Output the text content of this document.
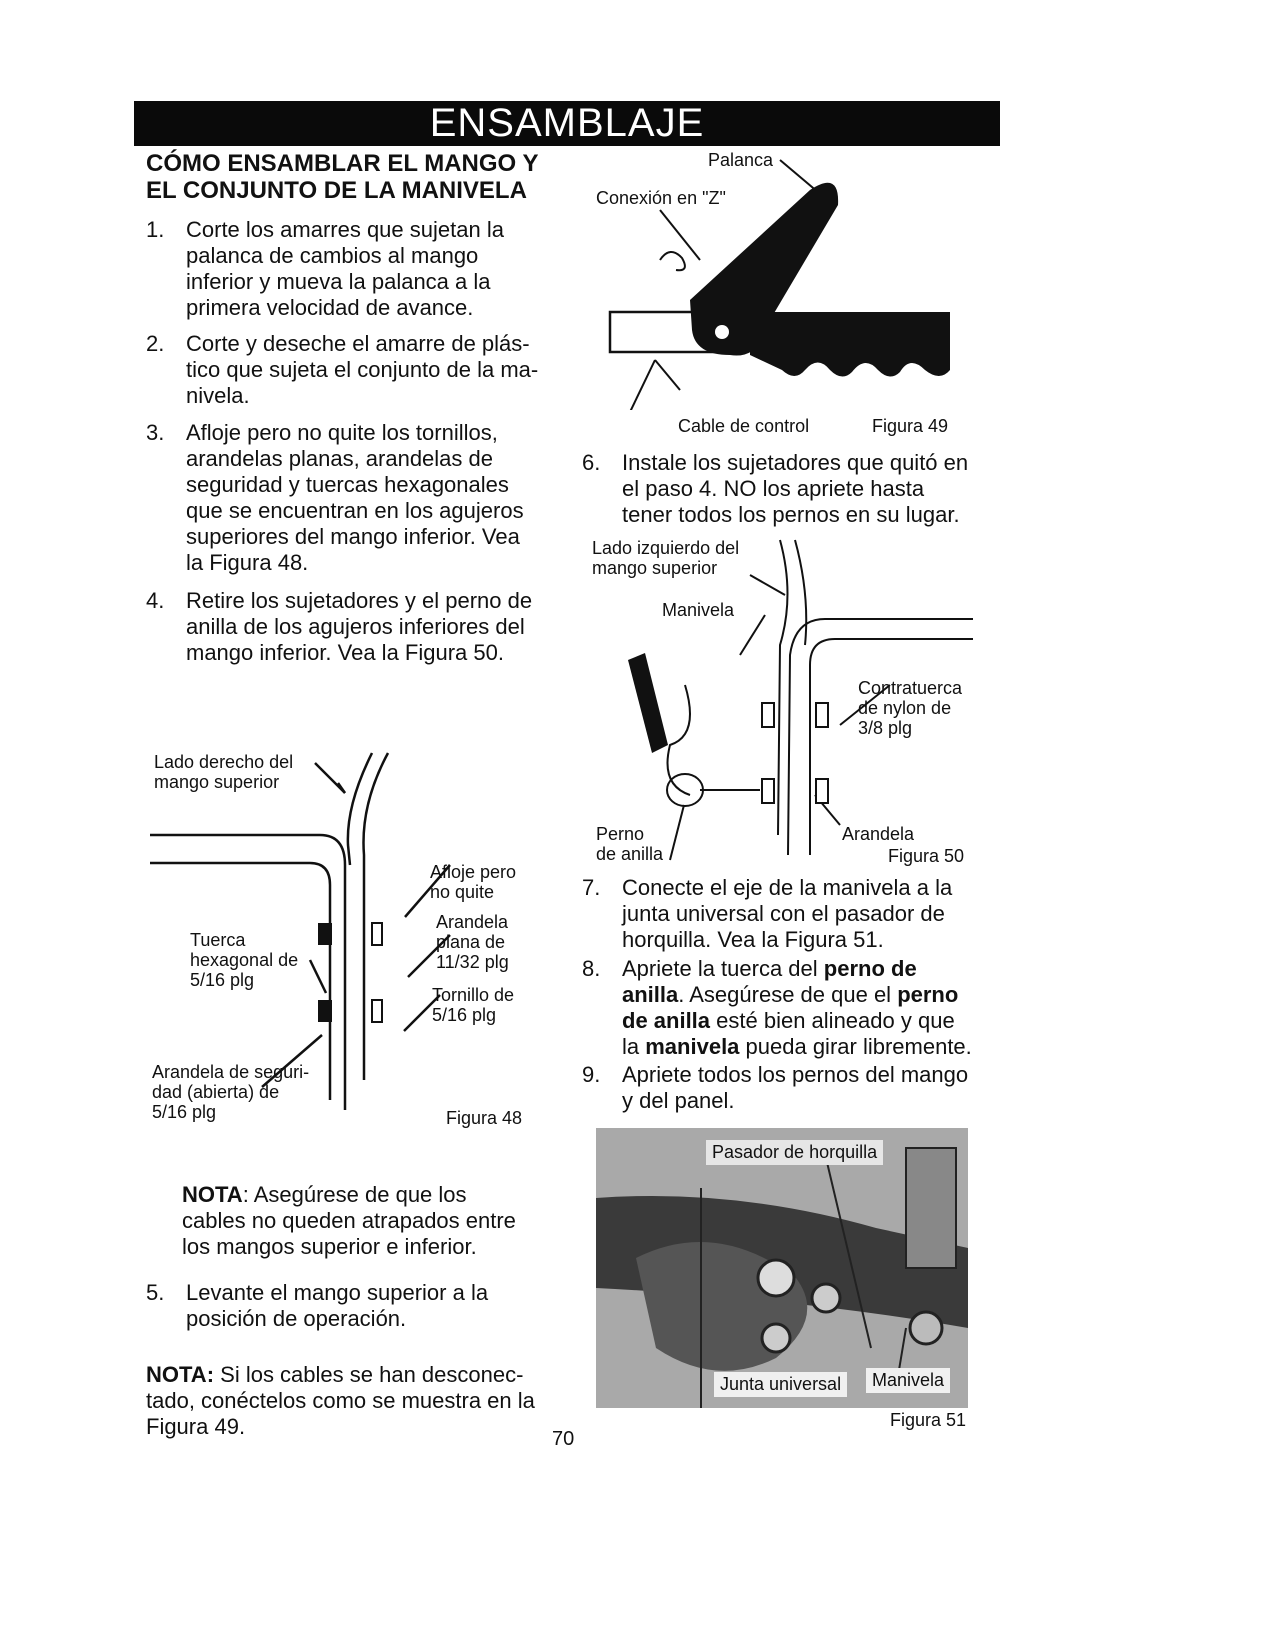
ENSAMBLAJE
CÓMO ENSAMBLAR EL MANGO Y
EL CONJUNTO DE LA MANIVELA
1. Corte los amarres que sujetan la
palanca de cambios al mango
inferior y mueva la palanca a la
primera velocidad de avance.
2. Corte y deseche el amarre de plás-
tico que sujeta el conjunto de la ma-
nivela.
3. Afloje pero no quite los tornillos,
arandelas planas, arandelas de
seguridad y tuercas hexagonales
que se encuentran en los agujeros
superiores del mango inferior. Vea
la Figura 48.
4. Retire los sujetadores y el perno de
anilla de los agujeros inferiores del
mango inferior. Vea la Figura 50.
Lado derecho del
mango superior
Afloje pero
no quite
Arandela
plana de
11/32 plg
Tuerca
hexagonal de
5/16 plg
Tornillo de
5/16 plg
Arandela de seguri-
dad (abierta) de
5/16 plg	Figura 48
NOTA: Asegúrese de que los
cables no queden atrapados entre
los mangos superior e inferior.
5. Levante el mango superior a la
posición de operación.
NOTA: Si los cables se han desconec-
tado, conéctelos como se muestra en la
Figura 49.
Palanca
Conexión en "Z"
Cable de control	Figura 49
6. Instale los sujetadores que quitó en
el paso 4. NO los apriete hasta
tener todos los pernos en su lugar.
Lado izquierdo del
mango superior
Manivela
Contratuerca
de nylon de
3/8 plg
Perno
de anilla
Arandela
Figura 50
7. Conecte el eje de la manivela a la
junta universal con el pasador de
horquilla. Vea la Figura 51.
8. Apriete la tuerca del perno de
anilla. Asegúrese de que el perno
de anilla esté bien alineado y que
la manivela pueda girar libremente.
9. Apriete todos los pernos del mango
y del panel.
Pasador de horquilla
Junta universal	Manivela
Figura 51
70
